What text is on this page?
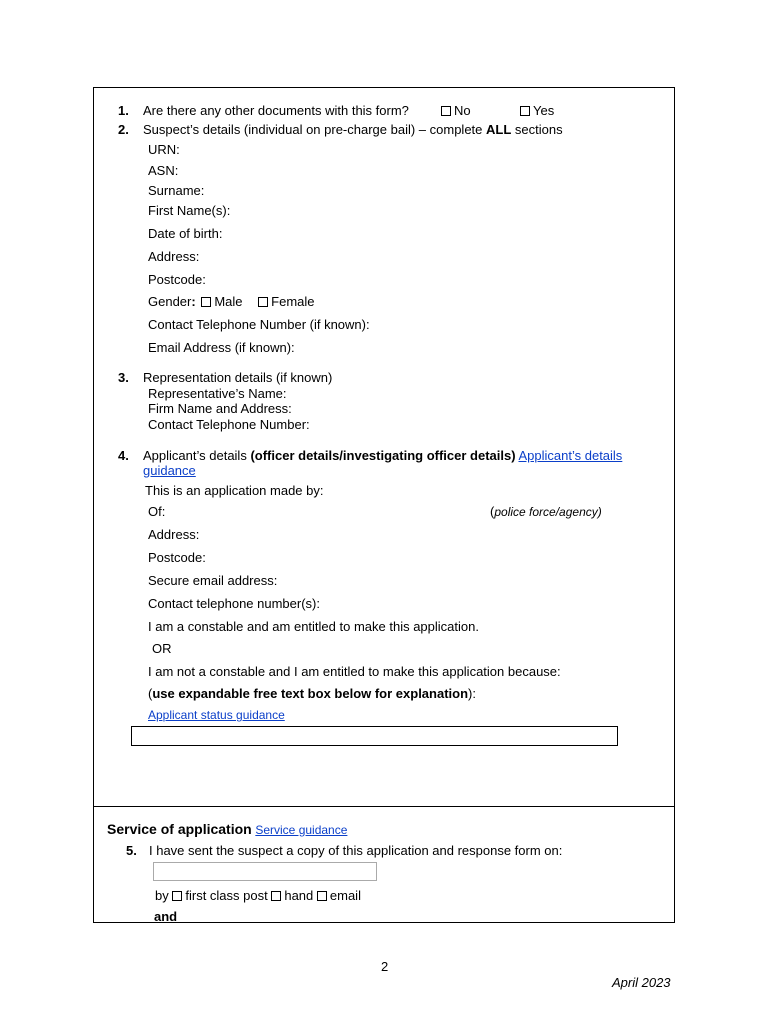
1. Are there any other documents with this form?	No	Yes
2. Suspect’s details (individual on pre-charge bail) – complete ALL sections
URN:
ASN:
Surname:
First Name(s):
Date of birth:
Address:
Postcode:
Gender: Male Female
Contact Telephone Number (if known):
Email Address (if known):
3. Representation details (if known)
Representative’s Name:
Firm Name and Address:
Contact Telephone Number:
4. Applicant’s details (officer details/investigating officer details) Applicant’s details
guidance
This is an application made by:
Of:	(police force/agency)
Address:
Postcode:
Secure email address:
Contact telephone number(s):
I am a constable and am entitled to make this application.
OR
I am not a constable and I am entitled to make this application because:
(use expandable free text box below for explanation):
Applicant status guidance
Service of application Service guidance
5. I have sent the suspect a copy of this application and response form on:
by first class post hand email
and
2
April 2023
